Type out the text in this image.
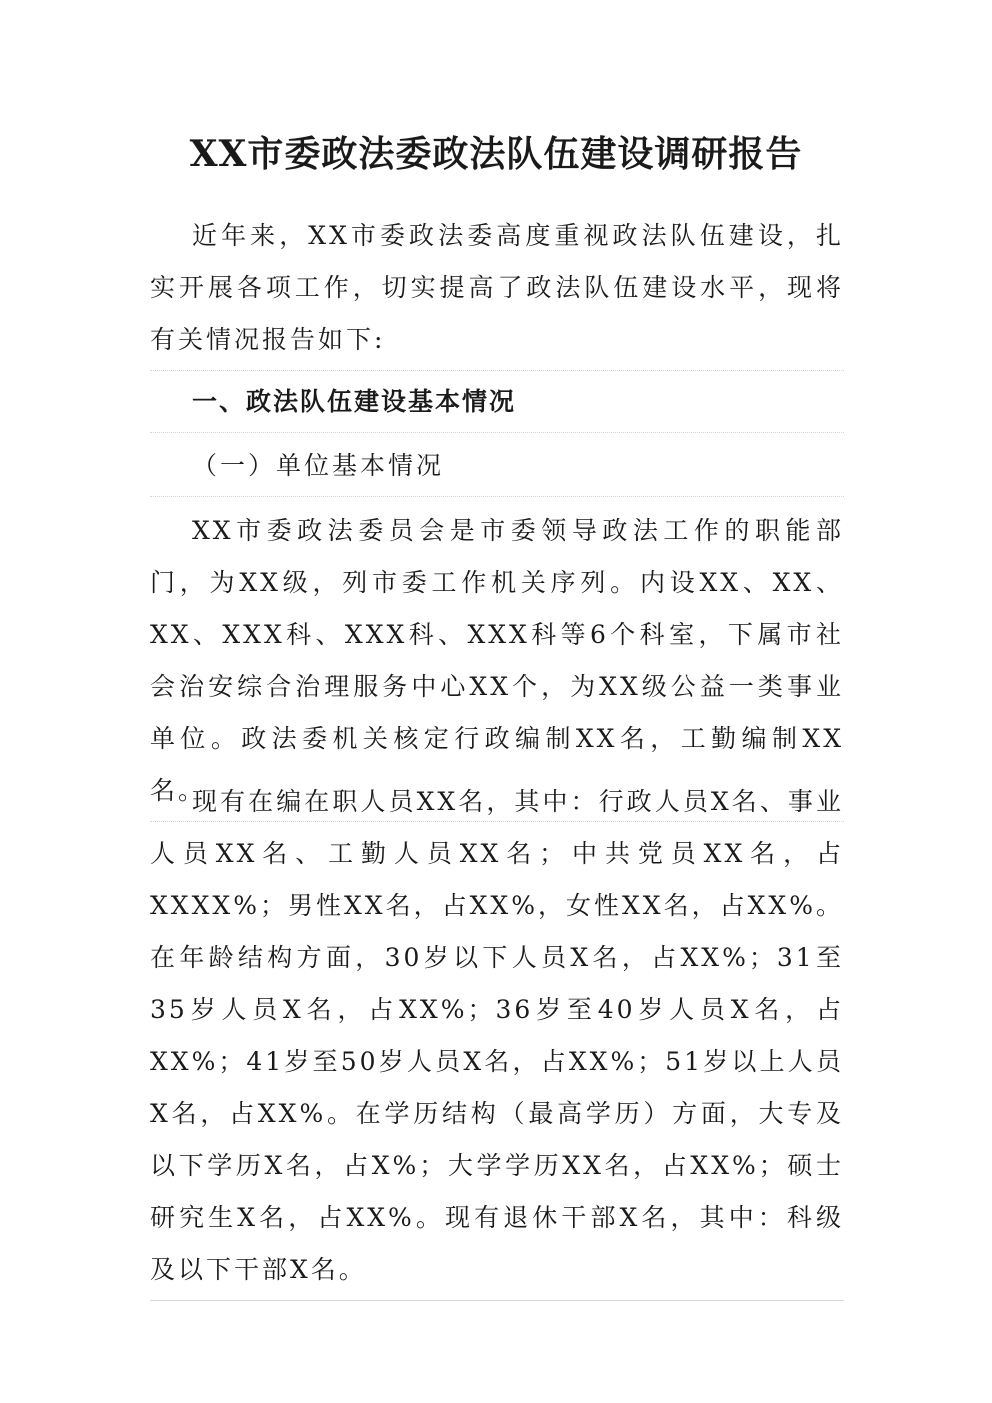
XX市委政法委政法队伍建设调研报告

近年来，XX市委政法委高度重视政法队伍建设，扎实开展各项工作，切实提高了政法队伍建设水平，现将有关情况报告如下:

一、政法队伍建设基本情况
（一）单位基本情况

XX市委政法委员会是市委领导政法工作的职能部门，为XX级，列市委工作机关序列。内设XX、XX、XX、XXX科、XXX科、XXX科等6个科室，下属市社会治安综合治理服务中心XX个，为XX级公益一类事业单位。政法委机关核定行政编制XX名，工勤编制XX名。

现有在编在职人员XX名，其中：行政人员X名、事业人员XX名、工勤人员XX名；中共党员XX名，占XXXX%；男性XX名，占XX%，女性XX名，占XX%。在年龄结构方面，30岁以下人员X名，占XX%；31至35岁人员X名，占XX%；36岁至40岁人员X名，占XX%；41岁至50岁人员X名，占XX%；51岁以上人员X名，占XX%。在学历结构（最高学历）方面，大专及以下学历X名，占X%；大学学历XX名，占XX%；硕士研究生X名，占XX%。现有退休干部X名，其中：科级及以下干部X名。
